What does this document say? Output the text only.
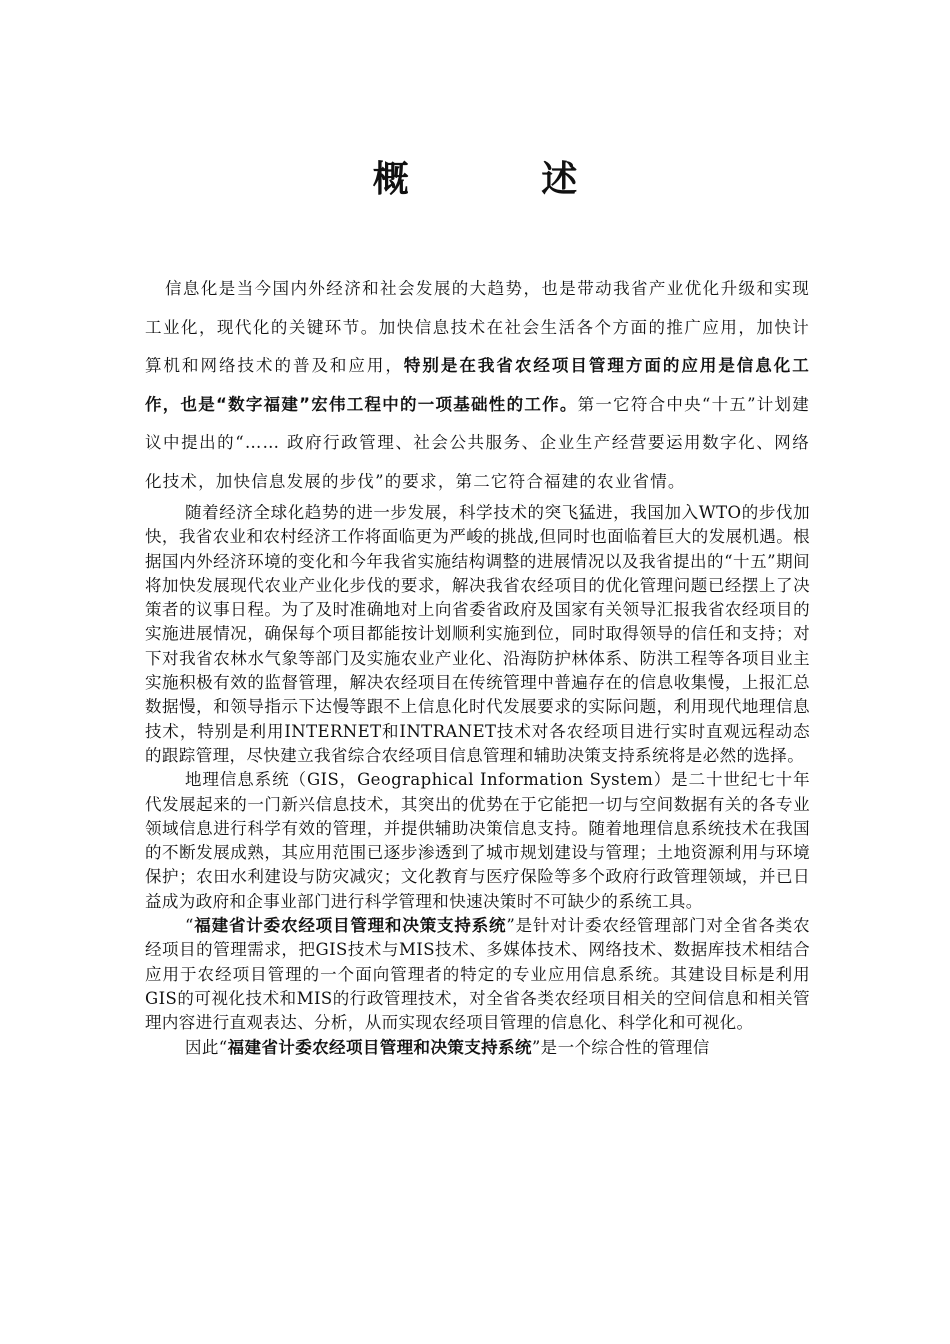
概 述

信息化是当今国内外经济和社会发展的大趋势，也是带动我省产业优化升级和实现工业化，现代化的关键环节。加快信息技术在社会生活各个方面的推广应用，加快计算机和网络技术的普及和应用，特别是在我省农经项目管理方面的应用是信息化工作，也是“数字福建”宏伟工程中的一项基础性的工作。第一它符合中央“十五”计划建议中提出的“…… 政府行政管理、社会公共服务、企业生产经营要运用数字化、网络化技术，加快信息发展的步伐”的要求，第二它符合福建的农业省情。

随着经济全球化趋势的进一步发展，科学技术的突飞猛进，我国加入WTO的步伐加快，我省农业和农村经济工作将面临更为严峻的挑战,但同时也面临着巨大的发展机遇。根据国内外经济环境的变化和今年我省实施结构调整的进展情况以及我省提出的“十五”期间将加快发展现代农业产业化步伐的要求，解决我省农经项目的优化管理问题已经摆上了决策者的议事日程。为了及时准确地对上向省委省政府及国家有关领导汇报我省农经项目的实施进展情况，确保每个项目都能按计划顺利实施到位，同时取得领导的信任和支持；对下对我省农林水气象等部门及实施农业产业化、沿海防护林体系、防洪工程等各项目业主实施积极有效的监督管理，解决农经项目在传统管理中普遍存在的信息收集慢，上报汇总数据慢，和领导指示下达慢等跟不上信息化时代发展要求的实际问题，利用现代地理信息技术，特别是利用INTERNET和INTRANET技术对各农经项目进行实时直观远程动态的跟踪管理，尽快建立我省综合农经项目信息管理和辅助决策支持系统将是必然的选择。

地理信息系统（GIS，Geographical Information System）是二十世纪七十年代发展起来的一门新兴信息技术，其突出的优势在于它能把一切与空间数据有关的各专业领域信息进行科学有效的管理，并提供辅助决策信息支持。随着地理信息系统技术在我国的不断发展成熟，其应用范围已逐步渗透到了城市规划建设与管理；土地资源利用与环境保护；农田水利建设与防灾减灾；文化教育与医疗保险等多个政府行政管理领域，并已日益成为政府和企事业部门进行科学管理和快速决策时不可缺少的系统工具。

“福建省计委农经项目管理和决策支持系统”是针对计委农经管理部门对全省各类农经项目的管理需求，把GIS技术与MIS技术、多媒体技术、网络技术、数据库技术相结合应用于农经项目管理的一个面向管理者的特定的专业应用信息系统。其建设目标是利用GIS的可视化技术和MIS的行政管理技术，对全省各类农经项目相关的空间信息和相关管理内容进行直观表达、分析，从而实现农经项目管理的信息化、科学化和可视化。

因此“福建省计委农经项目管理和决策支持系统”是一个综合性的管理信
